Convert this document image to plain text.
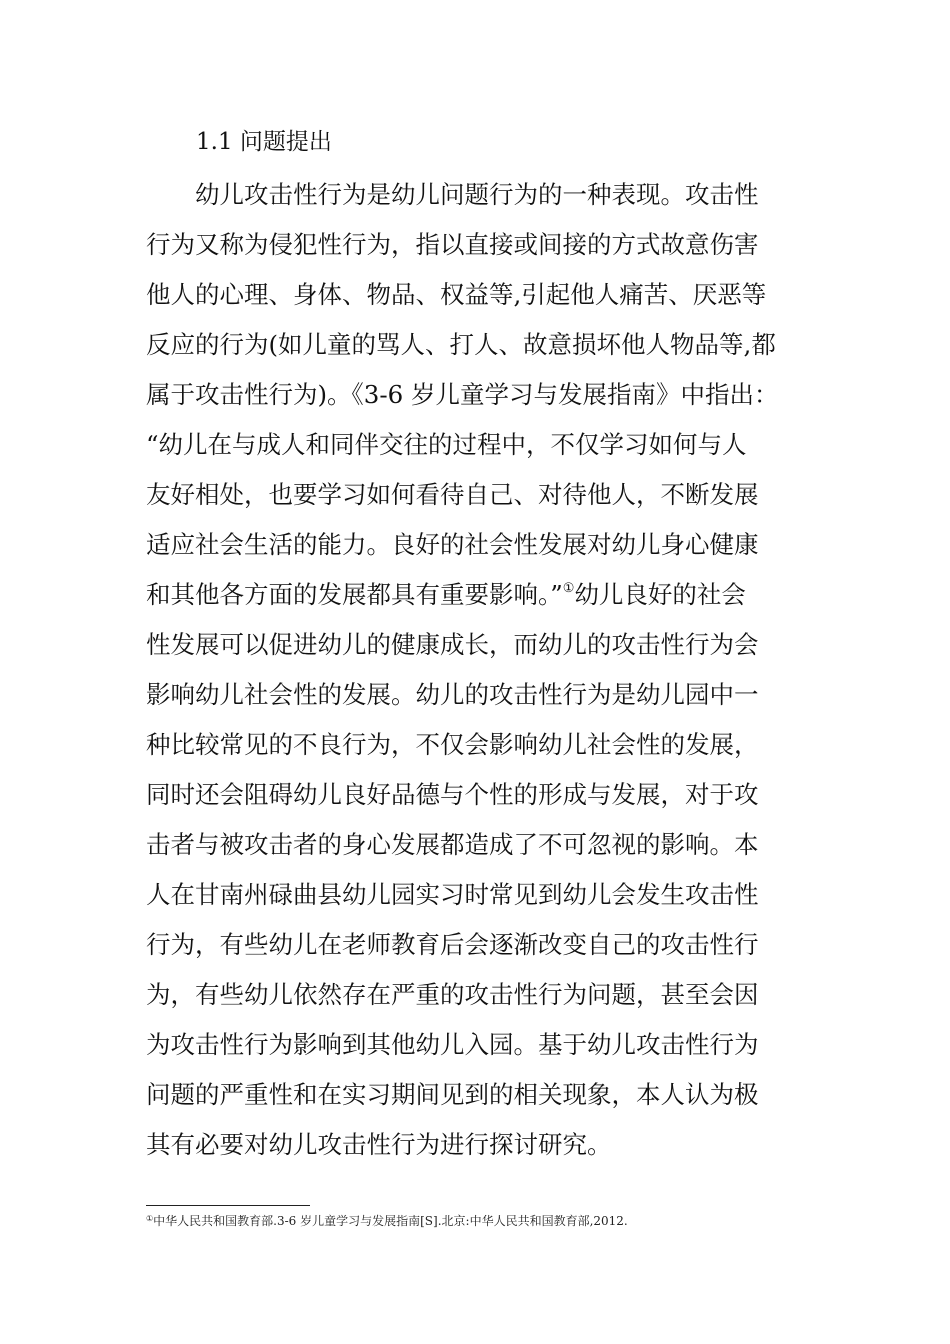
1.1 问题提出
幼儿攻击性行为是幼儿问题行为的一种表现。攻击性
行为又称为侵犯性行为，指以直接或间接的方式故意伤害
他人的心理、身体、物品、权益等,引起他人痛苦、厌恶等
反应的行为(如儿童的骂人、打人、故意损坏他人物品等,都
属于攻击性行为)。《3-6 岁儿童学习与发展指南》中指出：
“幼儿在与成人和同伴交往的过程中，不仅学习如何与人
友好相处，也要学习如何看待自己、对待他人，不断发展
适应社会生活的能力。良好的社会性发展对幼儿身心健康
和其他各方面的发展都具有重要影响。”①幼儿良好的社会
性发展可以促进幼儿的健康成长，而幼儿的攻击性行为会
影响幼儿社会性的发展。幼儿的攻击性行为是幼儿园中一
种比较常见的不良行为，不仅会影响幼儿社会性的发展，
同时还会阻碍幼儿良好品德与个性的形成与发展，对于攻
击者与被攻击者的身心发展都造成了不可忽视的影响。本
人在甘南州碌曲县幼儿园实习时常见到幼儿会发生攻击性
行为，有些幼儿在老师教育后会逐渐改变自己的攻击性行
为，有些幼儿依然存在严重的攻击性行为问题，甚至会因
为攻击性行为影响到其他幼儿入园。基于幼儿攻击性行为
问题的严重性和在实习期间见到的相关现象，本人认为极
其有必要对幼儿攻击性行为进行探讨研究。
①中华人民共和国教育部.3-6 岁儿童学习与发展指南[S].北京:中华人民共和国教育部,2012.
